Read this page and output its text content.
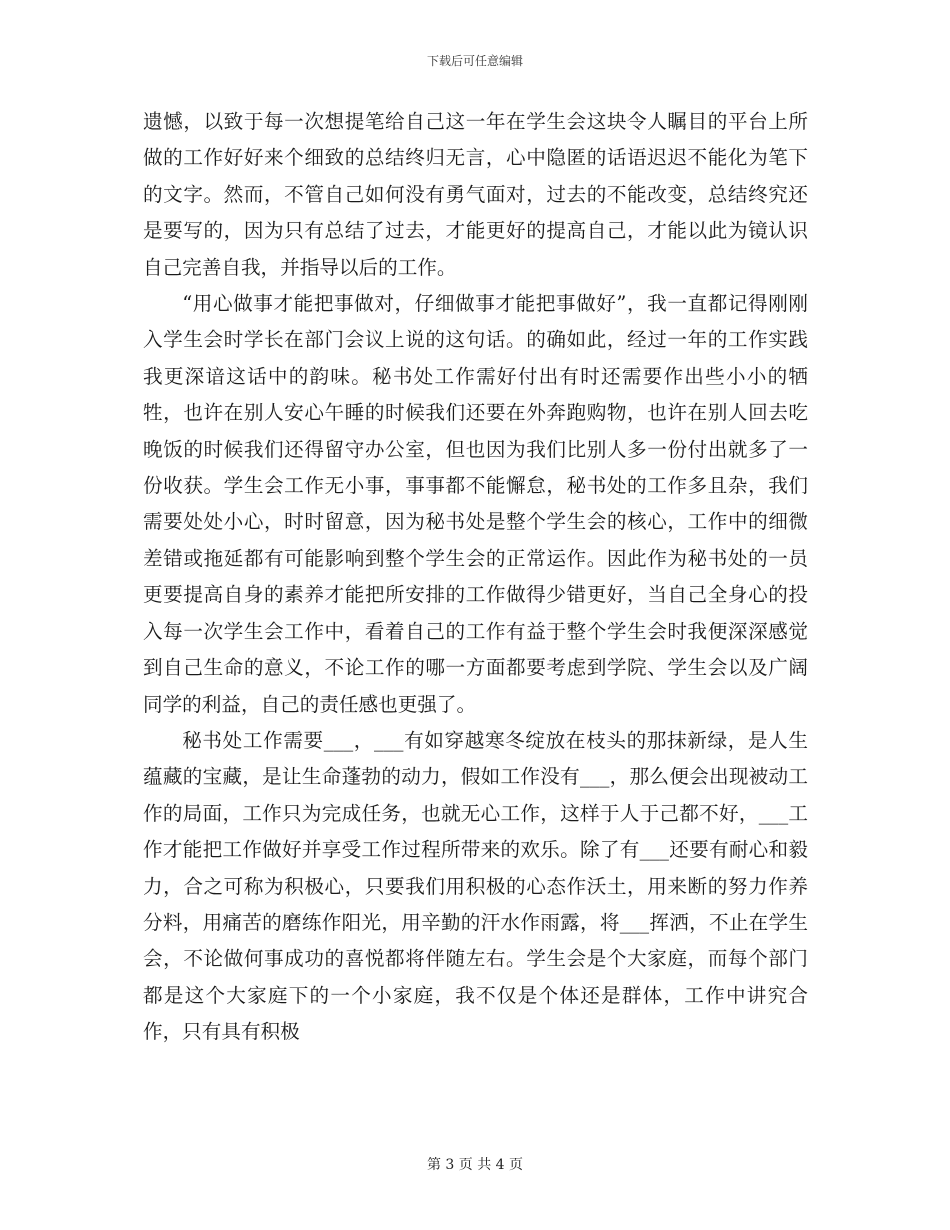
下载后可任意编辑

遗憾，以致于每一次想提笔给自己这一年在学生会这块令人瞩目的平台上所做的工作好好来个细致的总结终归无言，心中隐匿的话语迟迟不能化为笔下的文字。然而，不管自己如何没有勇气面对，过去的不能改变，总结终究还是要写的，因为只有总结了过去，才能更好的提高自己，才能以此为镜认识自己完善自我，并指导以后的工作。

“用心做事才能把事做对，仔细做事才能把事做好”，我一直都记得刚刚入学生会时学长在部门会议上说的这句话。的确如此，经过一年的工作实践我更深谙这话中的韵味。秘书处工作需好付出有时还需要作出些小小的牺牲，也许在别人安心午睡的时候我们还要在外奔跑购物，也许在别人回去吃晚饭的时候我们还得留守办公室，但也因为我们比别人多一份付出就多了一份收获。学生会工作无小事，事事都不能懈怠，秘书处的工作多且杂，我们需要处处小心，时时留意，因为秘书处是整个学生会的核心，工作中的细微差错或拖延都有可能影响到整个学生会的正常运作。因此作为秘书处的一员更要提高自身的素养才能把所安排的工作做得少错更好，当自己全身心的投入每一次学生会工作中，看着自己的工作有益于整个学生会时我便深深感觉到自己生命的意义，不论工作的哪一方面都要考虑到学院、学生会以及广阔同学的利益，自己的责任感也更强了。

秘书处工作需要___，___有如穿越寒冬绽放在枝头的那抹新绿，是人生蕴藏的宝藏，是让生命蓬勃的动力，假如工作没有___，那么便会出现被动工作的局面，工作只为完成任务，也就无心工作，这样于人于己都不好，___工作才能把工作做好并享受工作过程所带来的欢乐。除了有___还要有耐心和毅力，合之可称为积极心，只要我们用积极的心态作沃土，用来断的努力作养分料，用痛苦的磨练作阳光，用辛勤的汗水作雨露，将___挥洒，不止在学生会，不论做何事成功的喜悦都将伴随左右。学生会是个大家庭，而每个部门都是这个大家庭下的一个小家庭，我不仅是个体还是群体，工作中讲究合作，只有具有积极

第 3 页 共 4 页
